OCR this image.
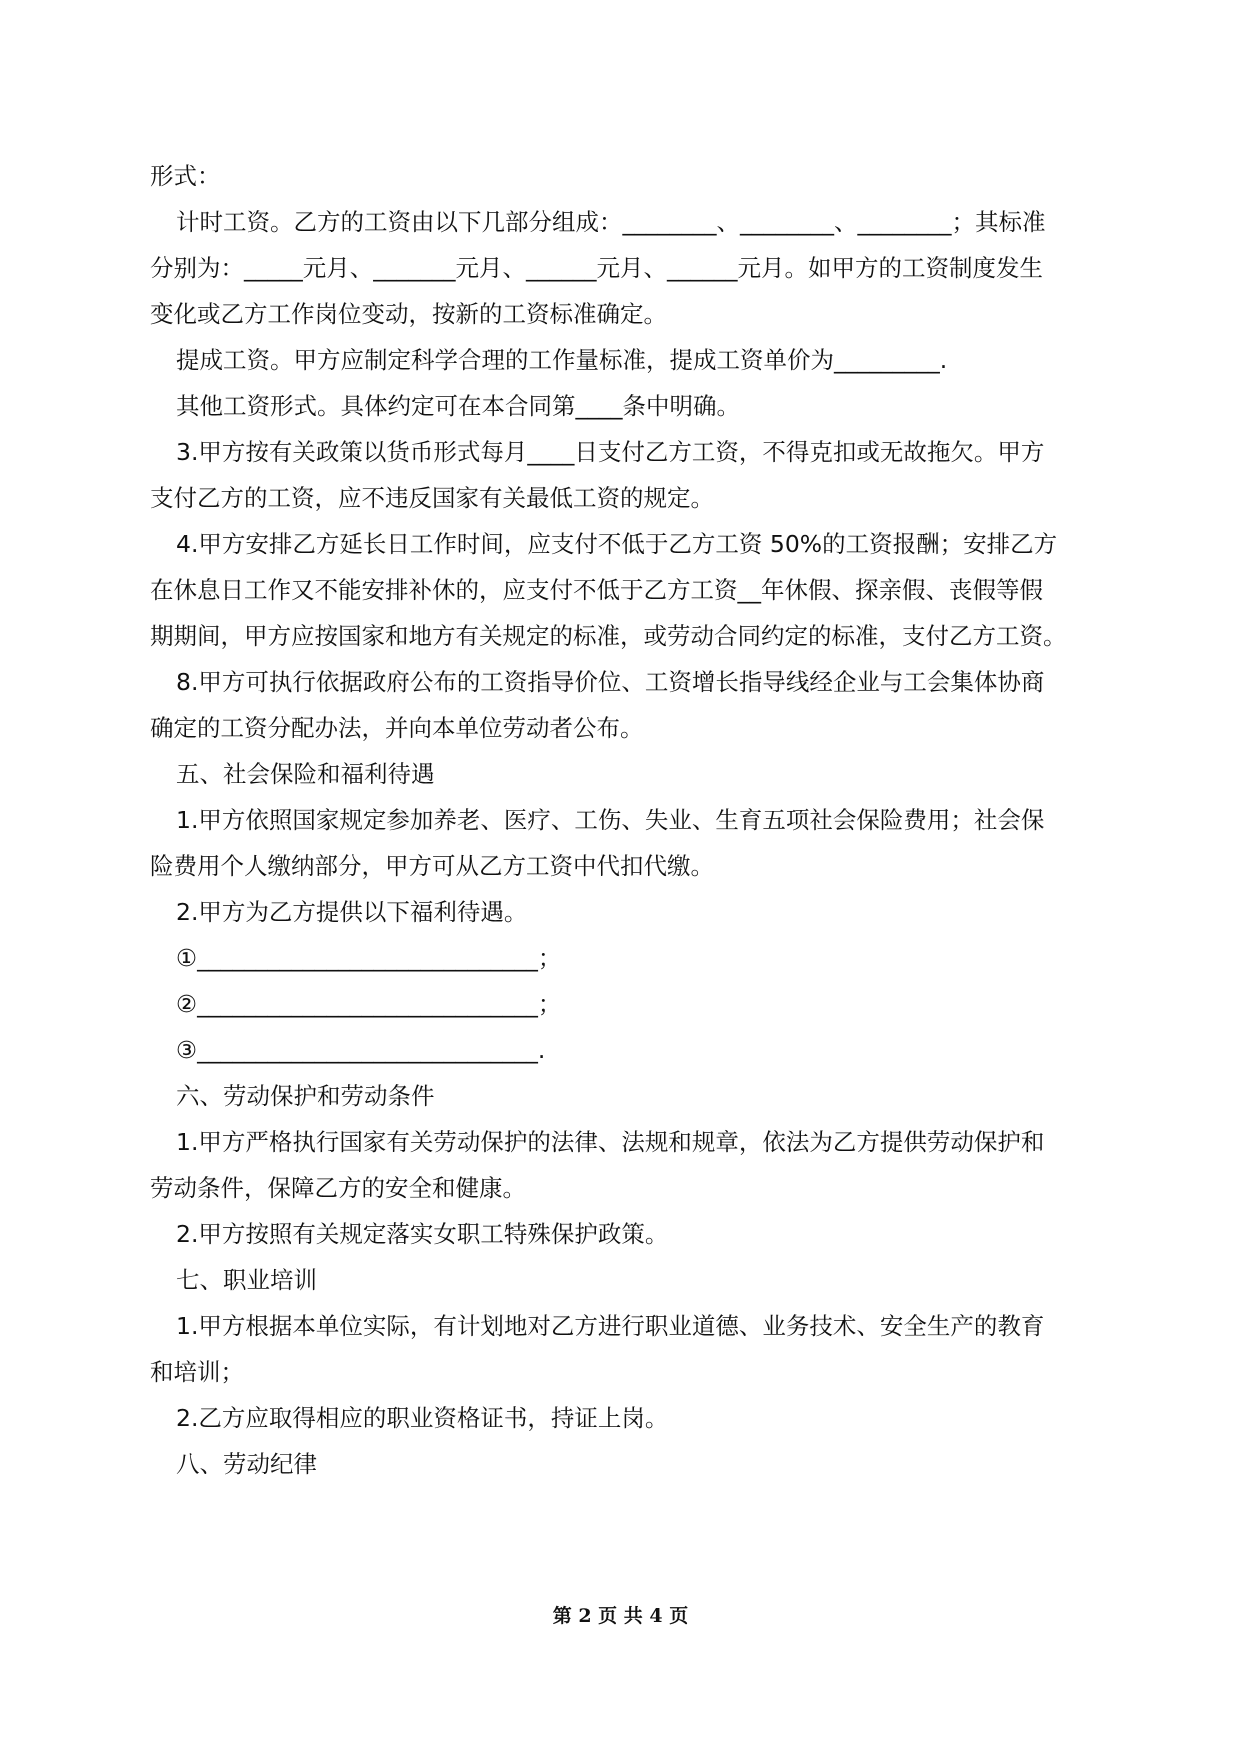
形式：
计时工资。乙方的工资由以下几部分组成：________、________、________；其标准
分别为：_____元月、_______元月、______元月、______元月。如甲方的工资制度发生
变化或乙方工作岗位变动，按新的工资标准确定。
提成工资。甲方应制定科学合理的工作量标准，提成工资单价为_________.
其他工资形式。具体约定可在本合同第____条中明确。
3.甲方按有关政策以货币形式每月____日支付乙方工资，不得克扣或无故拖欠。甲方
支付乙方的工资，应不违反国家有关最低工资的规定。
4.甲方安排乙方延长日工作时间，应支付不低于乙方工资 50%的工资报酬；安排乙方
在休息日工作又不能安排补休的，应支付不低于乙方工资__年休假、探亲假、丧假等假
期期间，甲方应按国家和地方有关规定的标准，或劳动合同约定的标准，支付乙方工资。
8.甲方可执行依据政府公布的工资指导价位、工资增长指导线经企业与工会集体协商
确定的工资分配办法，并向本单位劳动者公布。
五、社会保险和福利待遇
1.甲方依照国家规定参加养老、医疗、工伤、失业、生育五项社会保险费用；社会保
险费用个人缴纳部分，甲方可从乙方工资中代扣代缴。
2.甲方为乙方提供以下福利待遇。
①_____________________________；
②_____________________________；
③_____________________________.
六、劳动保护和劳动条件
1.甲方严格执行国家有关劳动保护的法律、法规和规章，依法为乙方提供劳动保护和
劳动条件，保障乙方的安全和健康。
2.甲方按照有关规定落实女职工特殊保护政策。
七、职业培训
1.甲方根据本单位实际，有计划地对乙方进行职业道德、业务技术、安全生产的教育
和培训；
2.乙方应取得相应的职业资格证书，持证上岗。
八、劳动纪律
第 2 页 共 4 页
